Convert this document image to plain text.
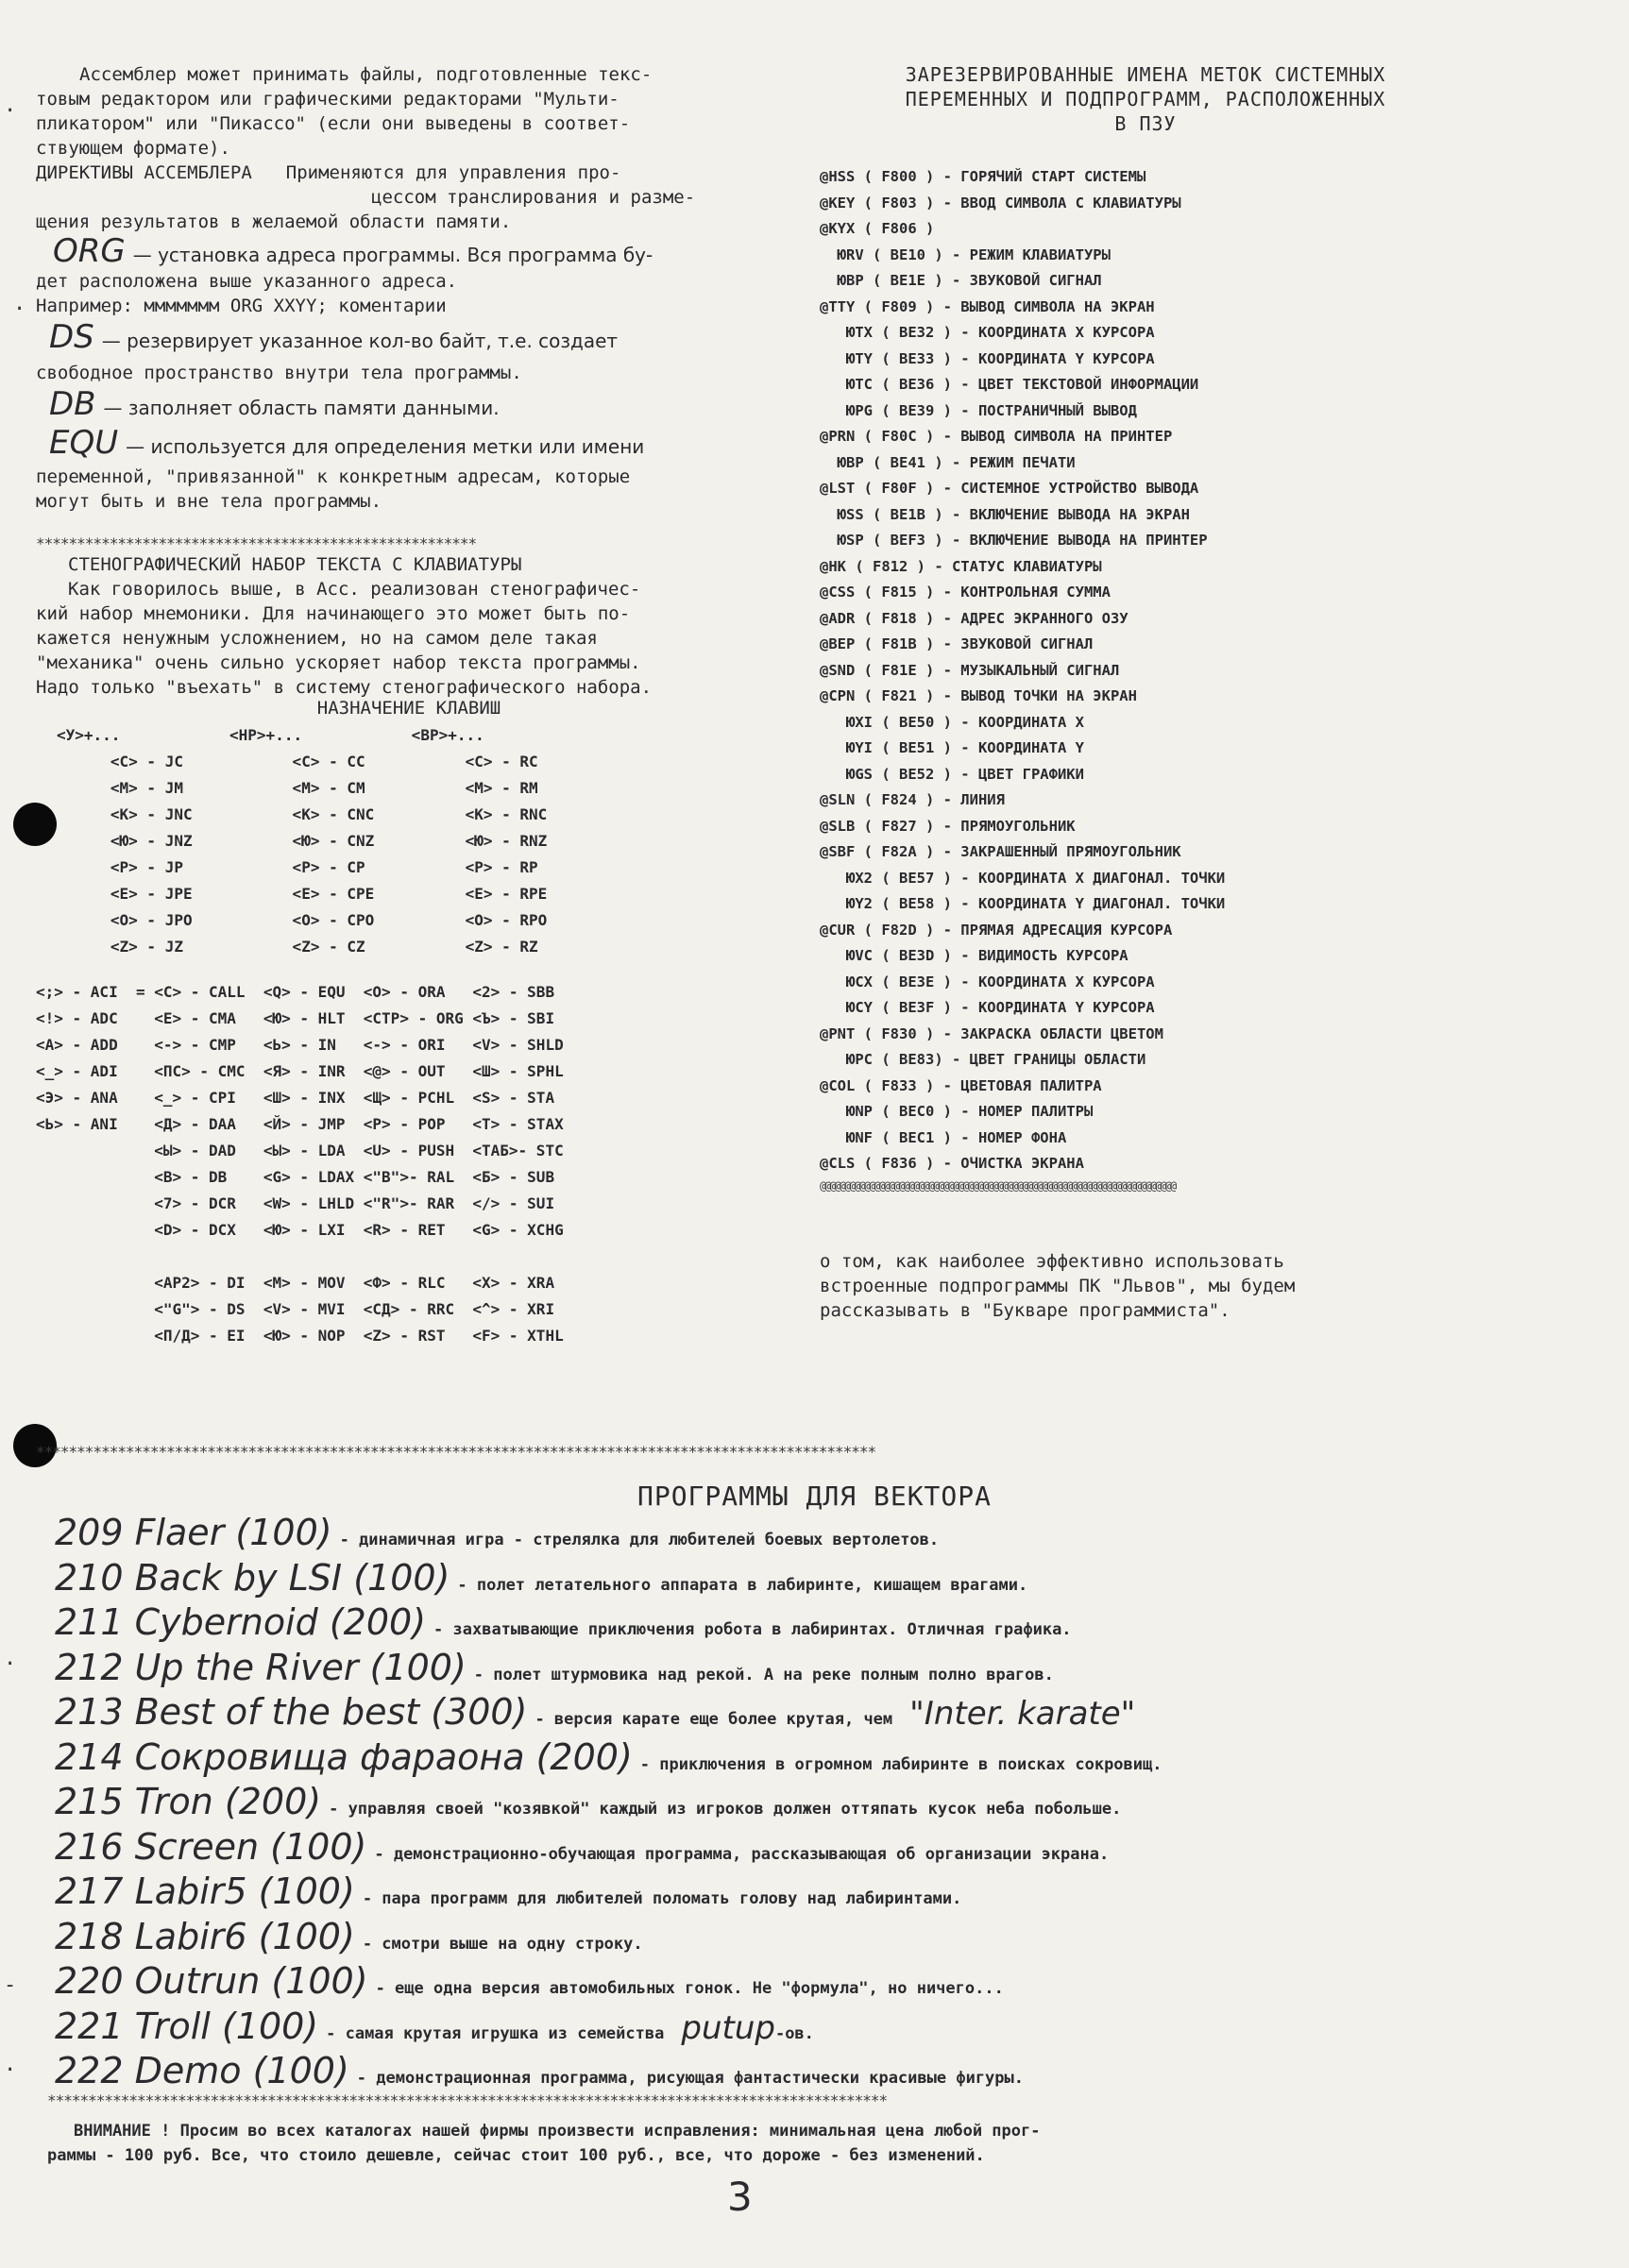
·
·
·
-
·

Ассемблер может принимать файлы, подготовленные текс-

товым редактором или графическими редакторами "Мульти-

пликатором" или "Пикассо" (если они выведены в соответ-

ствующем формате).

ДИРЕКТИВЫ АССЕМБЛЕРА Применяются для управления про-

цессом транслирования и разме-

щения результатов в желаемой области памяти.

ORG — установка адреса программы. Вся программа бу-

дет расположена выше указанного адреса.

Например: ммммммм ORG XXYY; коментарии

DS — резервирует указанное кол-во байт, т.е. создает

свободное пространство внутри тела программы.

DB — заполняет область памяти данными.

EQU — используется для определения метки или имени

переменной, "привязанной" к конкретным адресам, которые

могут быть и вне тела программы.

******************************************************

СТЕНОГРАФИЧЕСКИЙ НАБОР ТЕКСТА С КЛАВИАТУРЫ

Как говорилось выше, в Асс. реализован стенографичес-

кий набор мнемоники. Для начинающего это может быть по-

кажется ненужным усложнением, но на самом деле такая

"механика" очень сильно ускоряет набор текста программы.

Надо только "въехать" в систему стенографического набора.

НАЗНАЧЕНИЕ КЛАВИШ

<У>+...            <НР>+...            <ВР>+...
<С> - JC            <С> - CC           <С> - RC
<М> - JM            <М> - CM           <М> - RM
<К> - JNC           <К> - CNC          <К> - RNC
<Ю> - JNZ           <Ю> - CNZ          <Ю> - RNZ
<Р> - JP            <Р> - CP           <Р> - RP
<Е> - JPE           <Е> - CPE          <Е> - RPE
<О> - JPO           <О> - CPO          <О> - RPO
<Z> - JZ            <Z> - CZ           <Z> - RZ
<;> - ACI  = <C> - CALL  <Q> - EQU  <O> - ORA   <2> - SBB
<!> - ADC    <E> - CMA   <Ю> - HLT  <СТР> - ORG <Ъ> - SBI
<А> - ADD    <-> - CMP   <Ь> - IN   <-> - ORI   <V> - SHLD
<_> - ADI    <ПС> - CMC  <Я> - INR  <@> - OUT   <Ш> - SPHL
<Э> - ANA    <_> - CPI   <Ш> - INX  <Щ> - PCHL  <S> - STA
<Ь> - ANI    <Д> - DAA   <Й> - JMP  <Р> - POP   <Т> - STAX
<Ы> - DAD   <Ы> - LDA  <U> - PUSH  <ТАБ>- STC
<В> - DB    <G> - LDAX <"В">- RAL  <Б> - SUB
<7> - DCR   <W> - LHLD <"R">- RAR  </> - SUI
<D> - DCX   <Ю> - LXI  <R> - RET   <G> - XCHG
<АР2> - DI  <M> - MOV  <Ф> - RLC   <X> - XRA
<"G"> - DS  <V> - MVI  <СД> - RRC  <^> - XRI
<П/Д> - EI  <Ю> - NOP  <Z> - RST   <F> - XTHL
ЗАРЕЗЕРВИРОВАННЫЕ ИМЕНА МЕТОК СИСТЕМНЫХ
ПЕРЕМЕННЫХ И ПОДПРОГРАММ, РАСПОЛОЖЕННЫХ
В ПЗУ
@HSS ( F800 ) - ГОРЯЧИЙ СТАРТ СИСТЕМЫ
@KEY ( F803 ) - ВВОД СИМВОЛА С КЛАВИАТУРЫ
@KYX ( F806 )
ЮRV ( BE10 ) - РЕЖИМ КЛАВИАТУРЫ
ЮBP ( BE1E ) - ЗВУКОВОЙ СИГНАЛ
@TTY ( F809 ) - ВЫВОД СИМВОЛА НА ЭКРАН
ЮTX ( BE32 ) - КООРДИНАТА Х КУРСОРА
ЮTY ( BE33 ) - КООРДИНАТА Y КУРСОРА
ЮTC ( BE36 ) - ЦВЕТ ТЕКСТОВОЙ ИНФОРМАЦИИ
ЮPG ( BE39 ) - ПОСТРАНИЧНЫЙ ВЫВОД
@PRN ( F80C ) - ВЫВОД СИМВОЛА НА ПРИНТЕР
ЮBP ( BE41 ) - РЕЖИМ ПЕЧАТИ
@LST ( F80F ) - СИСТЕМНОЕ УСТРОЙСТВО ВЫВОДА
ЮSS ( BE1B ) - ВКЛЮЧЕНИЕ ВЫВОДА НА ЭКРАН
ЮSP ( BEF3 ) - ВКЛЮЧЕНИЕ ВЫВОДА НА ПРИНТЕР
@HK ( F812 ) - СТАТУС КЛАВИАТУРЫ
@CSS ( F815 ) - КОНТРОЛЬНАЯ СУММА
@ADR ( F818 ) - АДРЕС ЭКРАННОГО ОЗУ
@BEP ( F81B ) - ЗВУКОВОЙ СИГНАЛ
@SND ( F81E ) - МУЗЫКАЛЬНЫЙ СИГНАЛ
@CPN ( F821 ) - ВЫВОД ТОЧКИ НА ЭКРАН
ЮXI ( BE50 ) - КООРДИНАТА Х
ЮYI ( BE51 ) - КООРДИНАТА Y
ЮGS ( BE52 ) - ЦВЕТ ГРАФИКИ
@SLN ( F824 ) - ЛИНИЯ
@SLB ( F827 ) - ПРЯМОУГОЛЬНИК
@SBF ( F82A ) - ЗАКРАШЕННЫЙ ПРЯМОУГОЛЬНИК
ЮX2 ( BE57 ) - КООРДИНАТА Х ДИАГОНАЛ. ТОЧКИ
ЮY2 ( BE58 ) - КООРДИНАТА Y ДИАГОНАЛ. ТОЧКИ
@CUR ( F82D ) - ПРЯМАЯ АДРЕСАЦИЯ КУРСОРА
ЮVC ( BE3D ) - ВИДИМОСТЬ КУРСОРА
ЮCX ( BE3E ) - КООРДИНАТА Х КУРСОРА
ЮCY ( BE3F ) - КООРДИНАТА Y КУРСОРА
@PNT ( F830 ) - ЗАКРАСКА ОБЛАСТИ ЦВЕТОМ
ЮPC ( BE83) - ЦВЕТ ГРАНИЦЫ ОБЛАСТИ
@COL ( F833 ) - ЦВЕТОВАЯ ПАЛИТРА
ЮNP ( BEC0 ) - НОМЕР ПАЛИТРЫ
ЮNF ( BEC1 ) - НОМЕР ФОНА
@CLS ( F836 ) - ОЧИСТКА ЭКРАНА
@@@@@@@@@@@@@@@@@@@@@@@@@@@@@@@@@@@@@@@@@@@@@@@@@@@@@@@@@@@@@@@@@@@@@@@@

о том, как наиболее эффективно использовать

встроенные подпрограммы ПК "Львов", мы будем

рассказывать в "Букваре программиста".

*******************************************************************************************************
ПРОГРАММЫ ДЛЯ ВЕКТОРА
209 Flaer (100) - динамичная игра - стрелялка для любителей боевых вертолетов.
210 Back by LSI (100) - полет летательного аппарата в лабиринте, кишащем врагами.
211 Cybernoid (200) - захватывающие приключения робота в лабиринтах. Отличная графика.
212 Up the River (100) - полет штурмовика над рекой. А на реке полным полно врагов.
213 Best of the best (300) - версия карате еще более крутая, чем "Inter. karate"
214 Сокровища фараона (200) - приключения в огромном лабиринте в поисках сокровищ.
215 Tron (200) - управляя своей "козявкой" каждый из игроков должен оттяпать кусок неба побольше.
216 Screen (100) - демонстрационно-обучающая программа, рассказывающая об организации экрана.
217 Labir5 (100) - пара программ для любителей поломать голову над лабиринтами.
218 Labir6 (100) - смотри выше на одну строку.
220 Outrun (100) - еще одна версия автомобильных гонок. Не "формула", но ничего...
221 Troll (100) - самая крутая игрушка из семейства putup-ов.
222 Demo (100) - демонстрационная программа, рисующая фантастически красивые фигуры.
*******************************************************************************************************

ВНИМАНИЕ ! Просим во всех каталогах нашей фирмы произвести исправления: минимальная цена любой прог-

раммы - 100 руб. Все, что стоило дешевле, сейчас стоит 100 руб., все, что дороже - без изменений.

3
